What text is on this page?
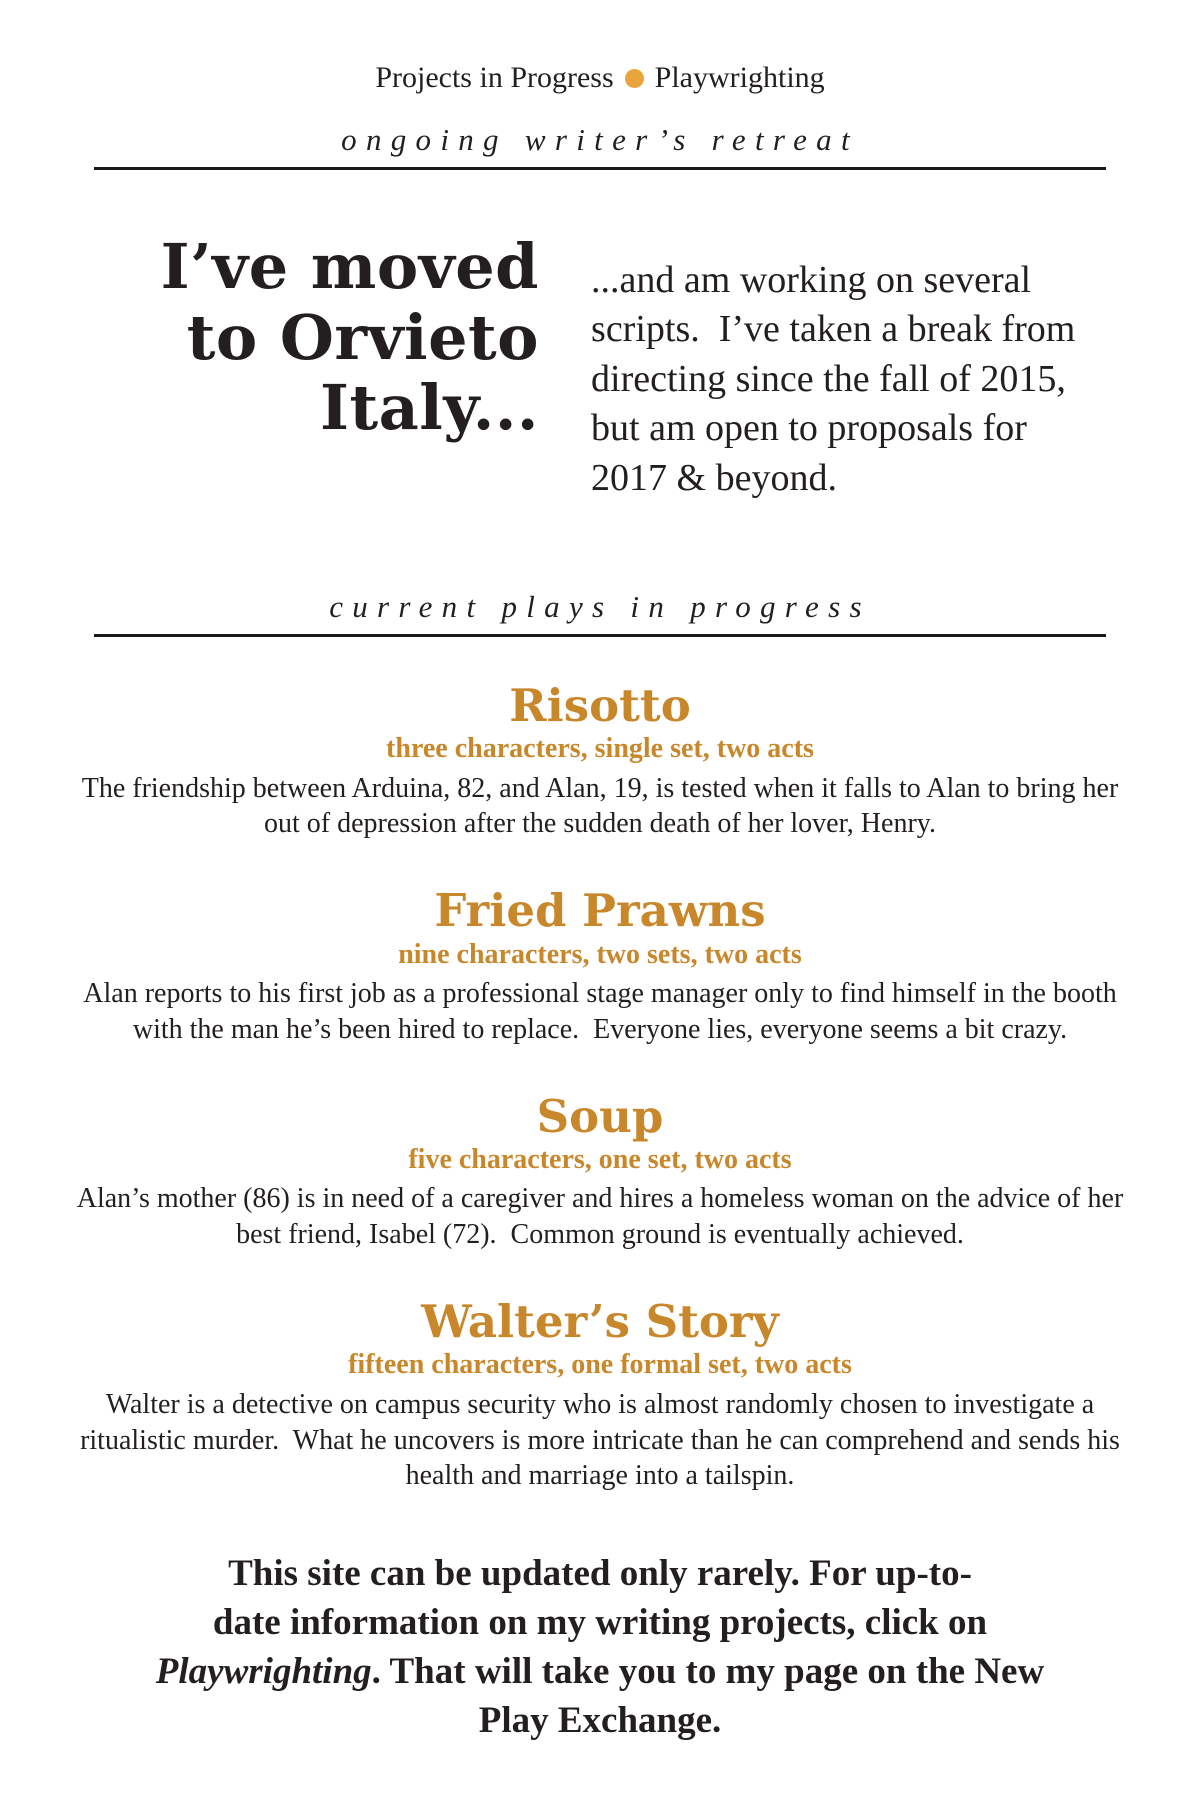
Projects in Progress Playwrighting
ongoing writer’s retreat
I’ve moved
to Orvieto
Italy...

...and am working on several scripts.  I’ve taken a break from directing since the fall of 2015, but am open to proposals for 2017 & beyond.

current plays in progress
Risotto
three characters, single set, two acts

The friendship between Arduina, 82, and Alan, 19, is tested when it falls to Alan to bring her out of depression after the sudden death of her lover, Henry.

Fried Prawns
nine characters, two sets, two acts

Alan reports to his first job as a professional stage manager only to find himself in the booth with the man he’s been hired to replace.  Everyone lies, everyone seems a bit crazy.

Soup
five characters, one set, two acts

Alan’s mother (86) is in need of a caregiver and hires a homeless woman on the advice of her best friend, Isabel (72).  Common ground is eventually achieved.

Walter’s Story
fifteen characters, one formal set, two acts

Walter is a detective on campus security who is almost randomly chosen to investigate a ritualistic murder.  What he uncovers is more intricate than he can comprehend and sends his health and marriage into a tailspin.

This site can be updated only rarely. For up-to-
date information on my writing projects, click on
Playwrighting. That will take you to my page on the New
Play Exchange.
